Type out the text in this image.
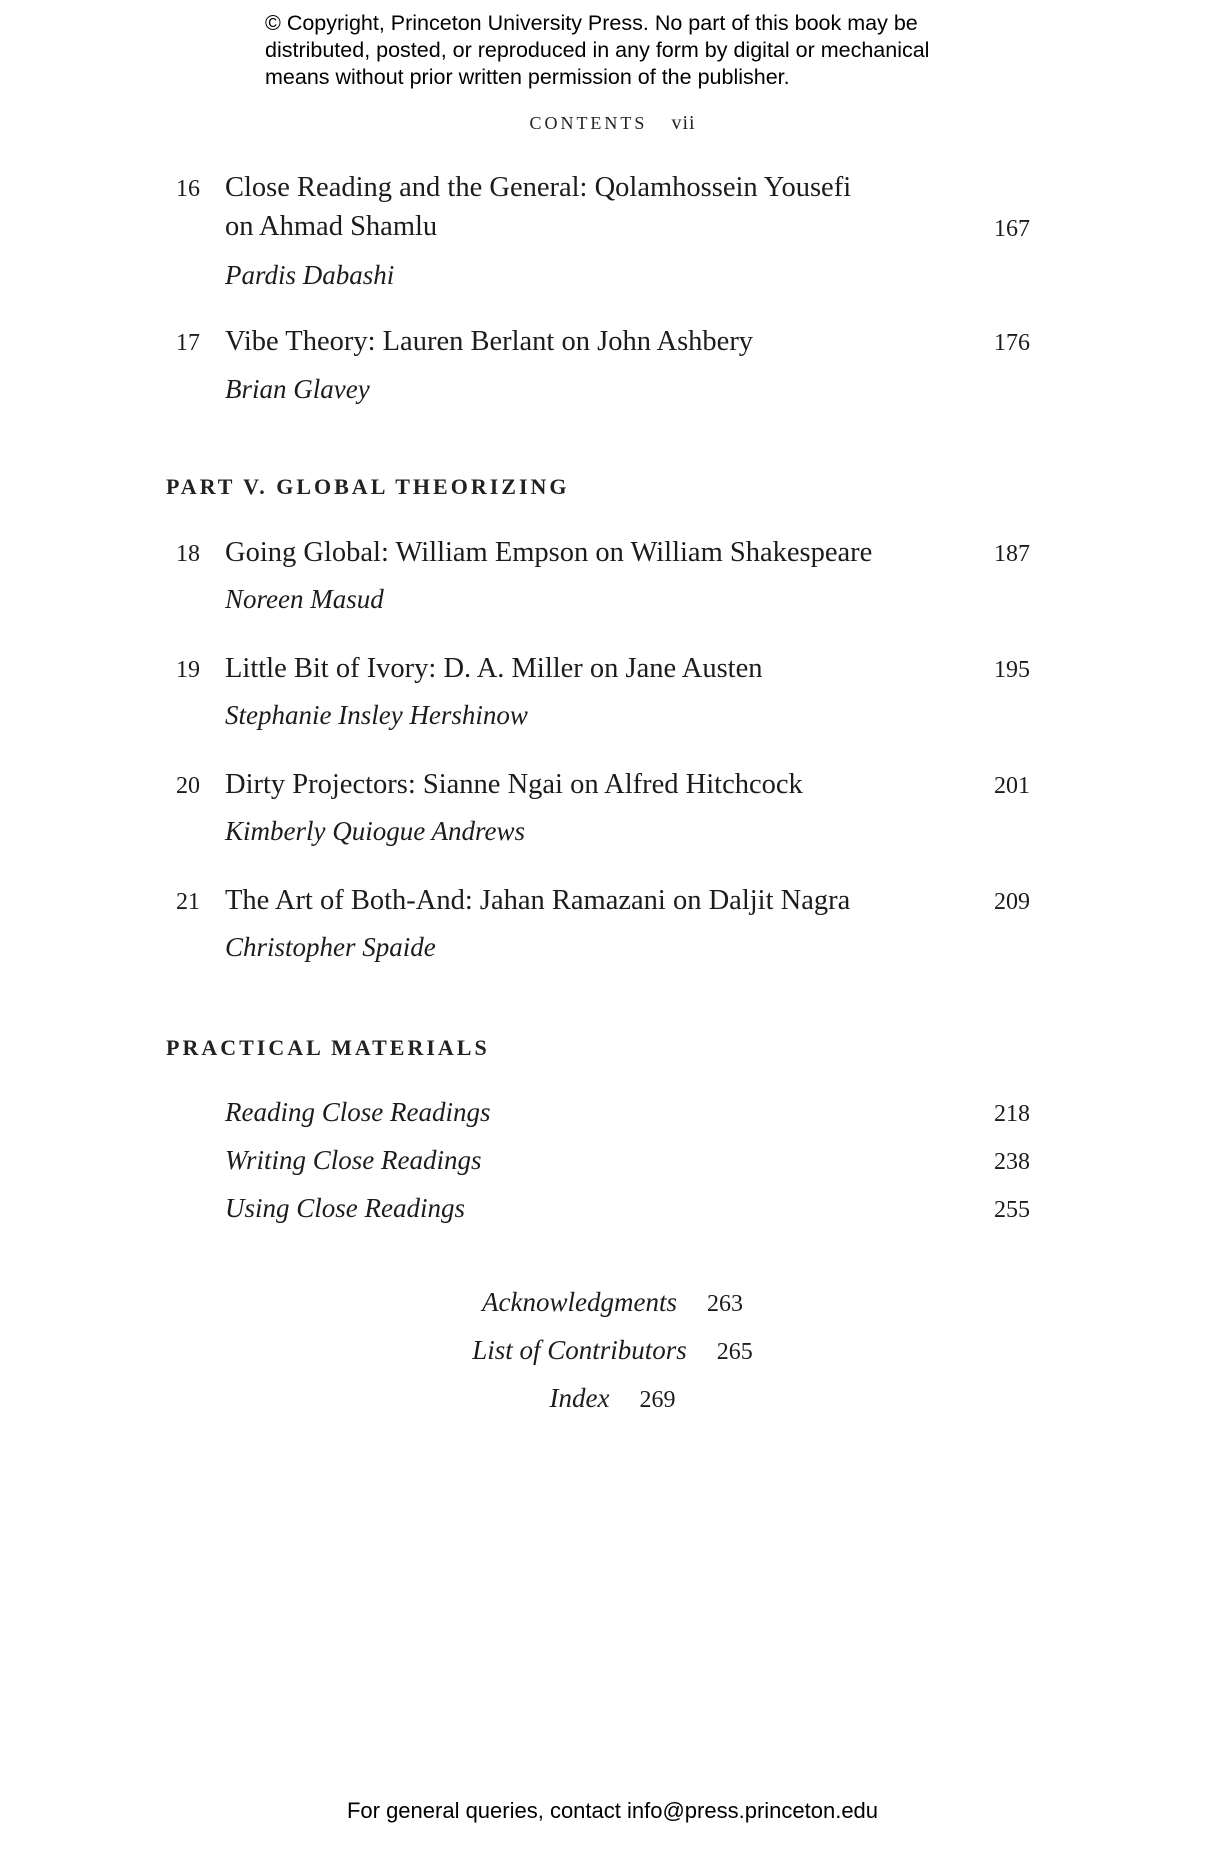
© Copyright, Princeton University Press. No part of this book may be
distributed, posted, or reproduced in any form by digital or mechanical
means without prior written permission of the publisher.
CONTENTS vii
16 Close Reading and the General: Qolamhossein Yousefi
on Ahmad Shamlu	167
Pardis Dabashi
17 Vibe Theory: Lauren Berlant on John Ashbery	176
Brian Glavey
PART V. GLOBAL THEORIZING
18 Going Global: William Empson on William Shakespeare	187
Noreen Masud
19 Little Bit of Ivory: D. A. Miller on Jane Austen	195
Stephanie Insley Hershinow
20 Dirty Projectors: Sianne Ngai on Alfred Hitchcock	201
Kimberly Quiogue Andrews
21 The Art of Both-And: Jahan Ramazani on Daljit Nagra	209
Christopher Spaide
PRACTICAL MATERIALS
Reading Close Readings	218
Writing Close Readings	238
Using Close Readings	255
Acknowledgments 263
List of Contributors 265
Index 269
For general queries, contact info@press.princeton.edu
